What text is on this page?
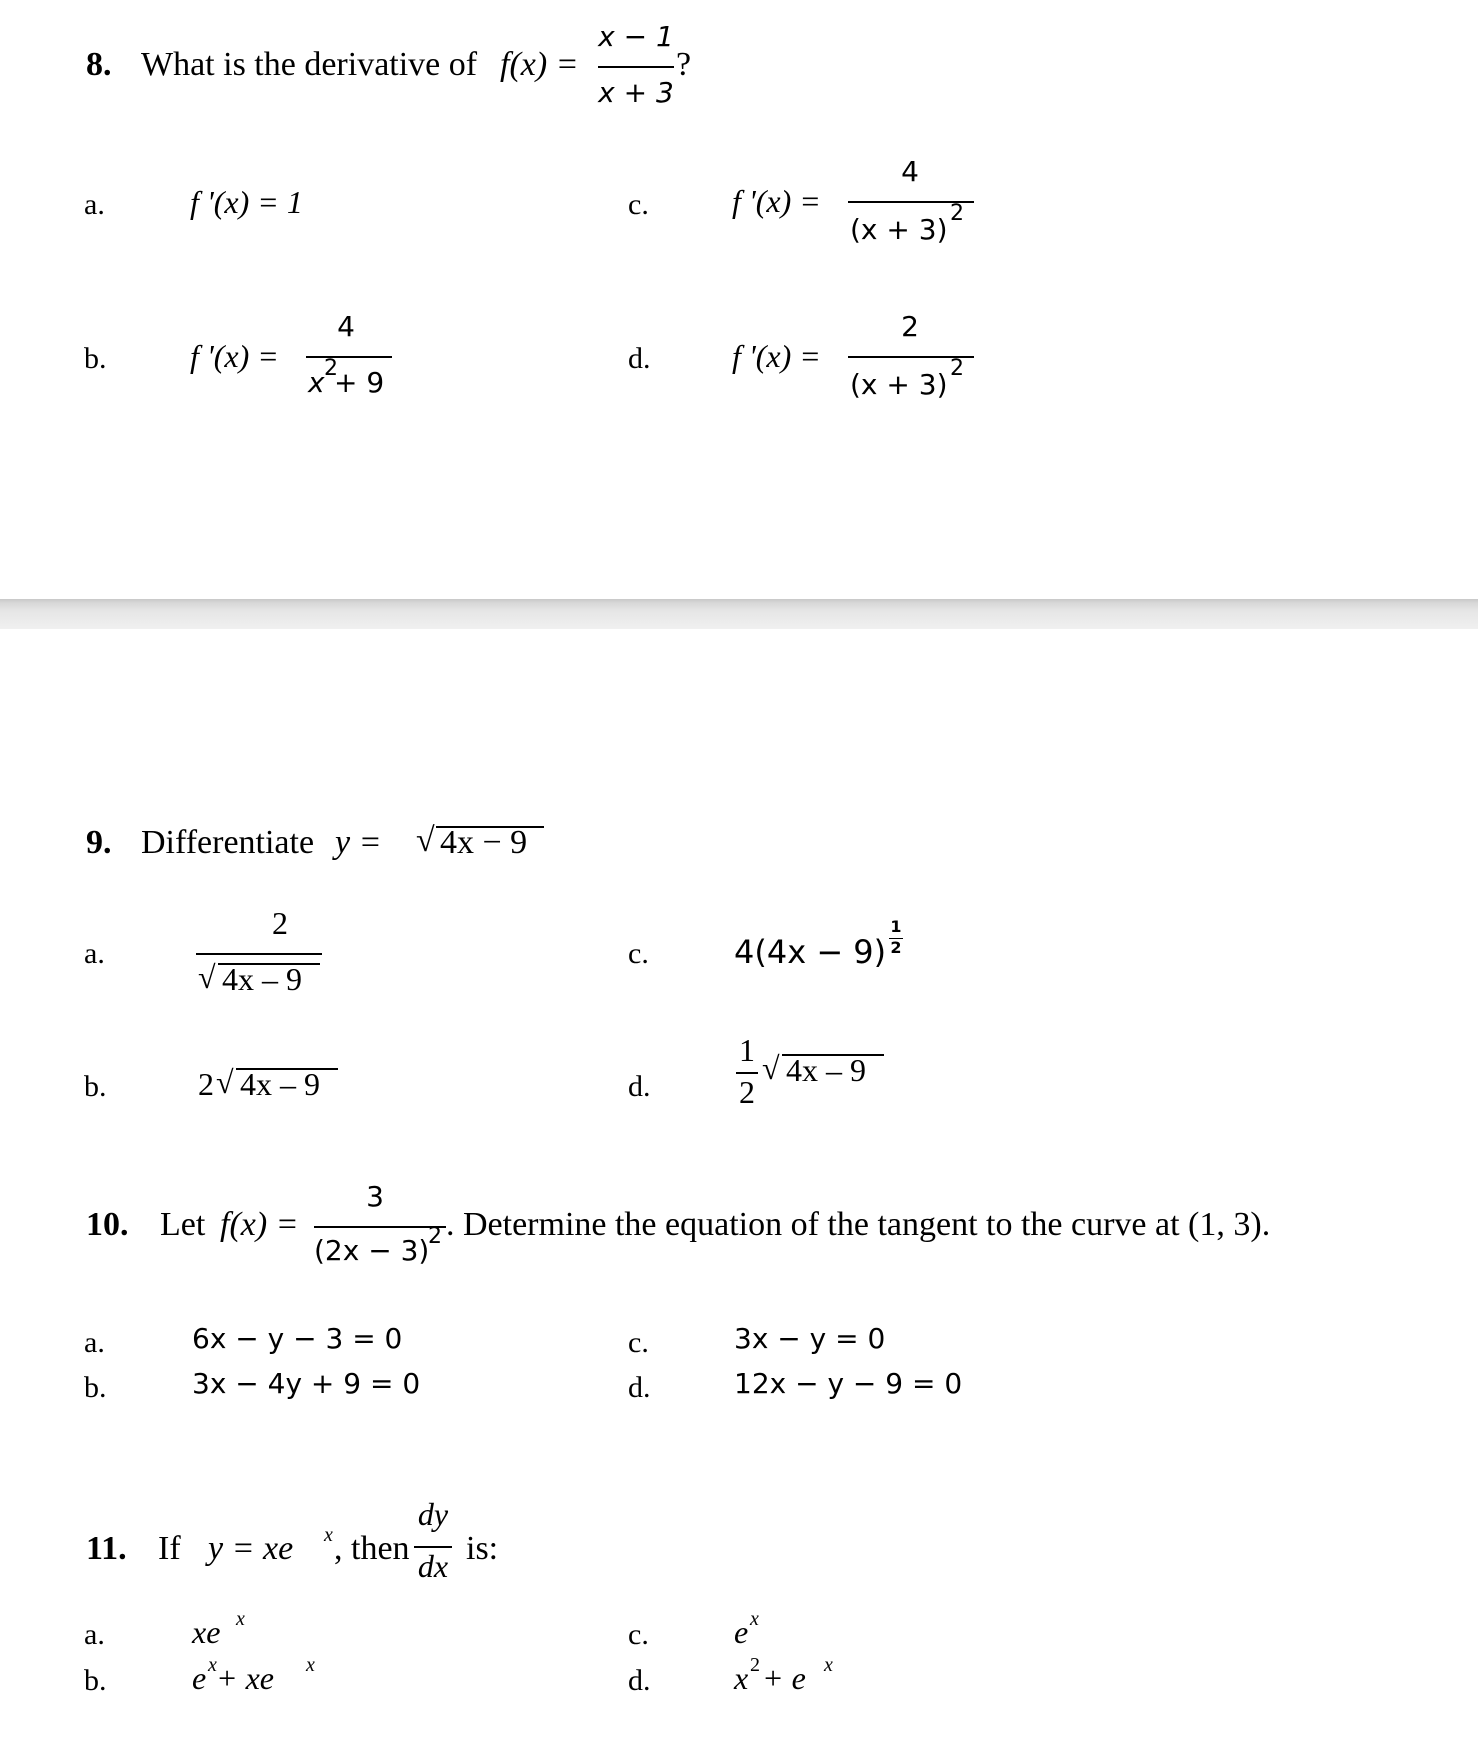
8. What is the derivative of f(x) =
x − 1
x + 3
?
a.	f '(x) = 1
b.	f '(x) =
4
x 2
+ 9
c.	f '(x) =
4
(x + 3) 2
d.	f '(x) =
2
(x + 3) 2
9. Differentiate y = √ 4x − 9
a.
2
√ 4x – 9
b.	2 √ 4x – 9
c.	4(4x − 9)
1
2
d.
1
2
√ 4x – 9
10. Let f(x) =
3
(2x − 3)
2 . Determine the equation of the tangent to the curve at (1, 3).
a.	6x − y − 3 = 0
b.	3x − 4y + 9 = 0
c.	3x − y = 0
d.	12x − y − 9 = 0
11. If y = xe x , then
dy
dx is:
a.	xe x
b.	e x + xe x
c.	e x
d.	x 2 + e x
